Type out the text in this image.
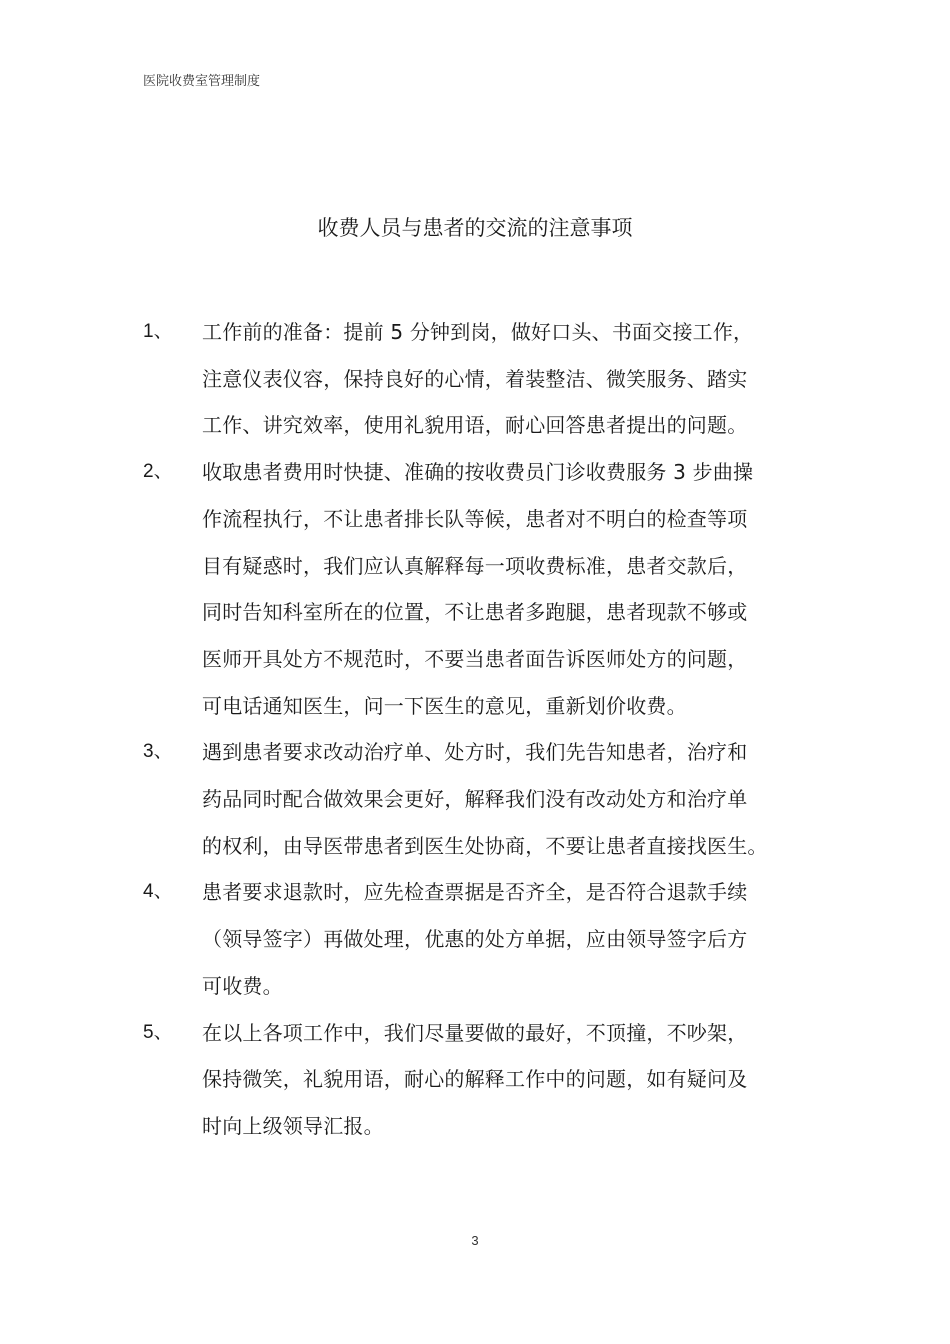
医院收费室管理制度
收费人员与患者的交流的注意事项
1、	工作前的准备：提前 5 分钟到岗，做好口头、书面交接工作，
注意仪表仪容，保持良好的心情，着装整洁、微笑服务、踏实
工作、讲究效率，使用礼貌用语，耐心回答患者提出的问题。
2、	收取患者费用时快捷、准确的按收费员门诊收费服务 3 步曲操
作流程执行，不让患者排长队等候，患者对不明白的检查等项
目有疑惑时，我们应认真解释每一项收费标准，患者交款后，
同时告知科室所在的位置，不让患者多跑腿，患者现款不够或
医师开具处方不规范时，不要当患者面告诉医师处方的问题，
可电话通知医生，问一下医生的意见，重新划价收费。
3、	遇到患者要求改动治疗单、处方时，我们先告知患者，治疗和
药品同时配合做效果会更好，解释我们没有改动处方和治疗单
的权利，由导医带患者到医生处协商，不要让患者直接找医生。
4、	患者要求退款时，应先检查票据是否齐全，是否符合退款手续
（领导签字）再做处理，优惠的处方单据，应由领导签字后方
可收费。
5、	在以上各项工作中，我们尽量要做的最好，不顶撞，不吵架，
保持微笑，礼貌用语，耐心的解释工作中的问题，如有疑问及
时向上级领导汇报。
3
